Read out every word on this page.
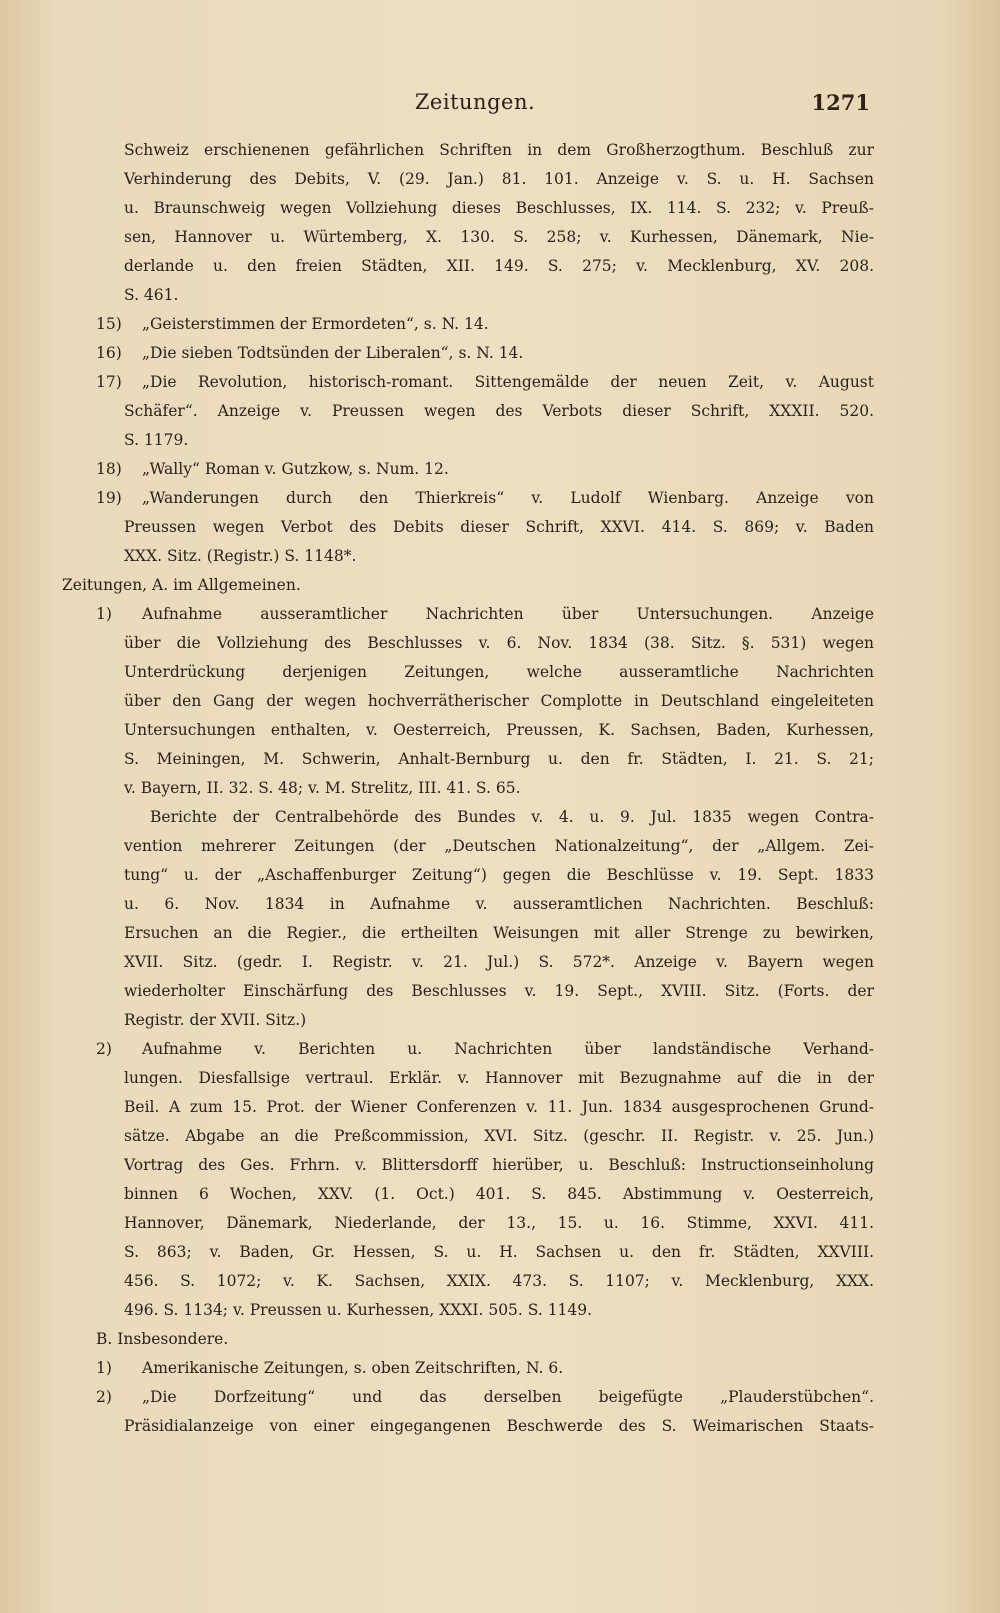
Zeitungen.	1271
Schweiz erschienenen gefährlichen Schriften in dem Großherzogthum. Beschluß zur
Verhinderung des Debits, V. (29. Jan.) 81. 101. Anzeige v. S. u. H. Sachsen
u. Braunschweig wegen Vollziehung dieses Beschlusses, IX. 114. S. 232; v. Preuß-
sen, Hannover u. Würtemberg, X. 130. S. 258; v. Kurhessen, Dänemark, Nie-
derlande u. den freien Städten, XII. 149. S. 275; v. Mecklenburg, XV. 208.
S. 461.
15) „Geisterstimmen der Ermordeten“, s. N. 14.
16) „Die sieben Todtsünden der Liberalen“, s. N. 14.
17) „Die Revolution, historisch-romant. Sittengemälde der neuen Zeit, v. August
Schäfer“. Anzeige v. Preussen wegen des Verbots dieser Schrift, XXXII. 520.
S. 1179.
18) „Wally“ Roman v. Gutzkow, s. Num. 12.
19) „Wanderungen durch den Thierkreis“ v. Ludolf Wienbarg. Anzeige von
Preussen wegen Verbot des Debits dieser Schrift, XXVI. 414. S. 869; v. Baden
XXX. Sitz. (Registr.) S. 1148*.
Zeitungen, A. im Allgemeinen.
1) Aufnahme ausseramtlicher Nachrichten über Untersuchungen. Anzeige
über die Vollziehung des Beschlusses v. 6. Nov. 1834 (38. Sitz. §. 531) wegen
Unterdrückung derjenigen Zeitungen, welche ausseramtliche Nachrichten
über den Gang der wegen hochverrätherischer Complotte in Deutschland eingeleiteten
Untersuchungen enthalten, v. Oesterreich, Preussen, K. Sachsen, Baden, Kurhessen,
S. Meiningen, M. Schwerin, Anhalt-Bernburg u. den fr. Städten, I. 21. S. 21;
v. Bayern, II. 32. S. 48; v. M. Strelitz, III. 41. S. 65.
Berichte der Centralbehörde des Bundes v. 4. u. 9. Jul. 1835 wegen Contra-
vention mehrerer Zeitungen (der „Deutschen Nationalzeitung“, der „Allgem. Zei-
tung“ u. der „Aschaffenburger Zeitung“) gegen die Beschlüsse v. 19. Sept. 1833
u. 6. Nov. 1834 in Aufnahme v. ausseramtlichen Nachrichten. Beschluß:
Ersuchen an die Regier., die ertheilten Weisungen mit aller Strenge zu bewirken,
XVII. Sitz. (gedr. I. Registr. v. 21. Jul.) S. 572*. Anzeige v. Bayern wegen
wiederholter Einschärfung des Beschlusses v. 19. Sept., XVIII. Sitz. (Forts. der
Registr. der XVII. Sitz.)
2) Aufnahme v. Berichten u. Nachrichten über landständische Verhand-
lungen. Diesfallsige vertraul. Erklär. v. Hannover mit Bezugnahme auf die in der
Beil. A zum 15. Prot. der Wiener Conferenzen v. 11. Jun. 1834 ausgesprochenen Grund-
sätze. Abgabe an die Preßcommission, XVI. Sitz. (geschr. II. Registr. v. 25. Jun.)
Vortrag des Ges. Frhrn. v. Blittersdorff hierüber, u. Beschluß: Instructionseinholung
binnen 6 Wochen, XXV. (1. Oct.) 401. S. 845. Abstimmung v. Oesterreich,
Hannover, Dänemark, Niederlande, der 13., 15. u. 16. Stimme, XXVI. 411.
S. 863; v. Baden, Gr. Hessen, S. u. H. Sachsen u. den fr. Städten, XXVIII.
456. S. 1072; v. K. Sachsen, XXIX. 473. S. 1107; v. Mecklenburg, XXX.
496. S. 1134; v. Preussen u. Kurhessen, XXXI. 505. S. 1149.
B. Insbesondere.
1) Amerikanische Zeitungen, s. oben Zeitschriften, N. 6.
2) „Die Dorfzeitung“ und das derselben beigefügte „Plauderstübchen“.
Präsidialanzeige von einer eingegangenen Beschwerde des S. Weimarischen Staats-
